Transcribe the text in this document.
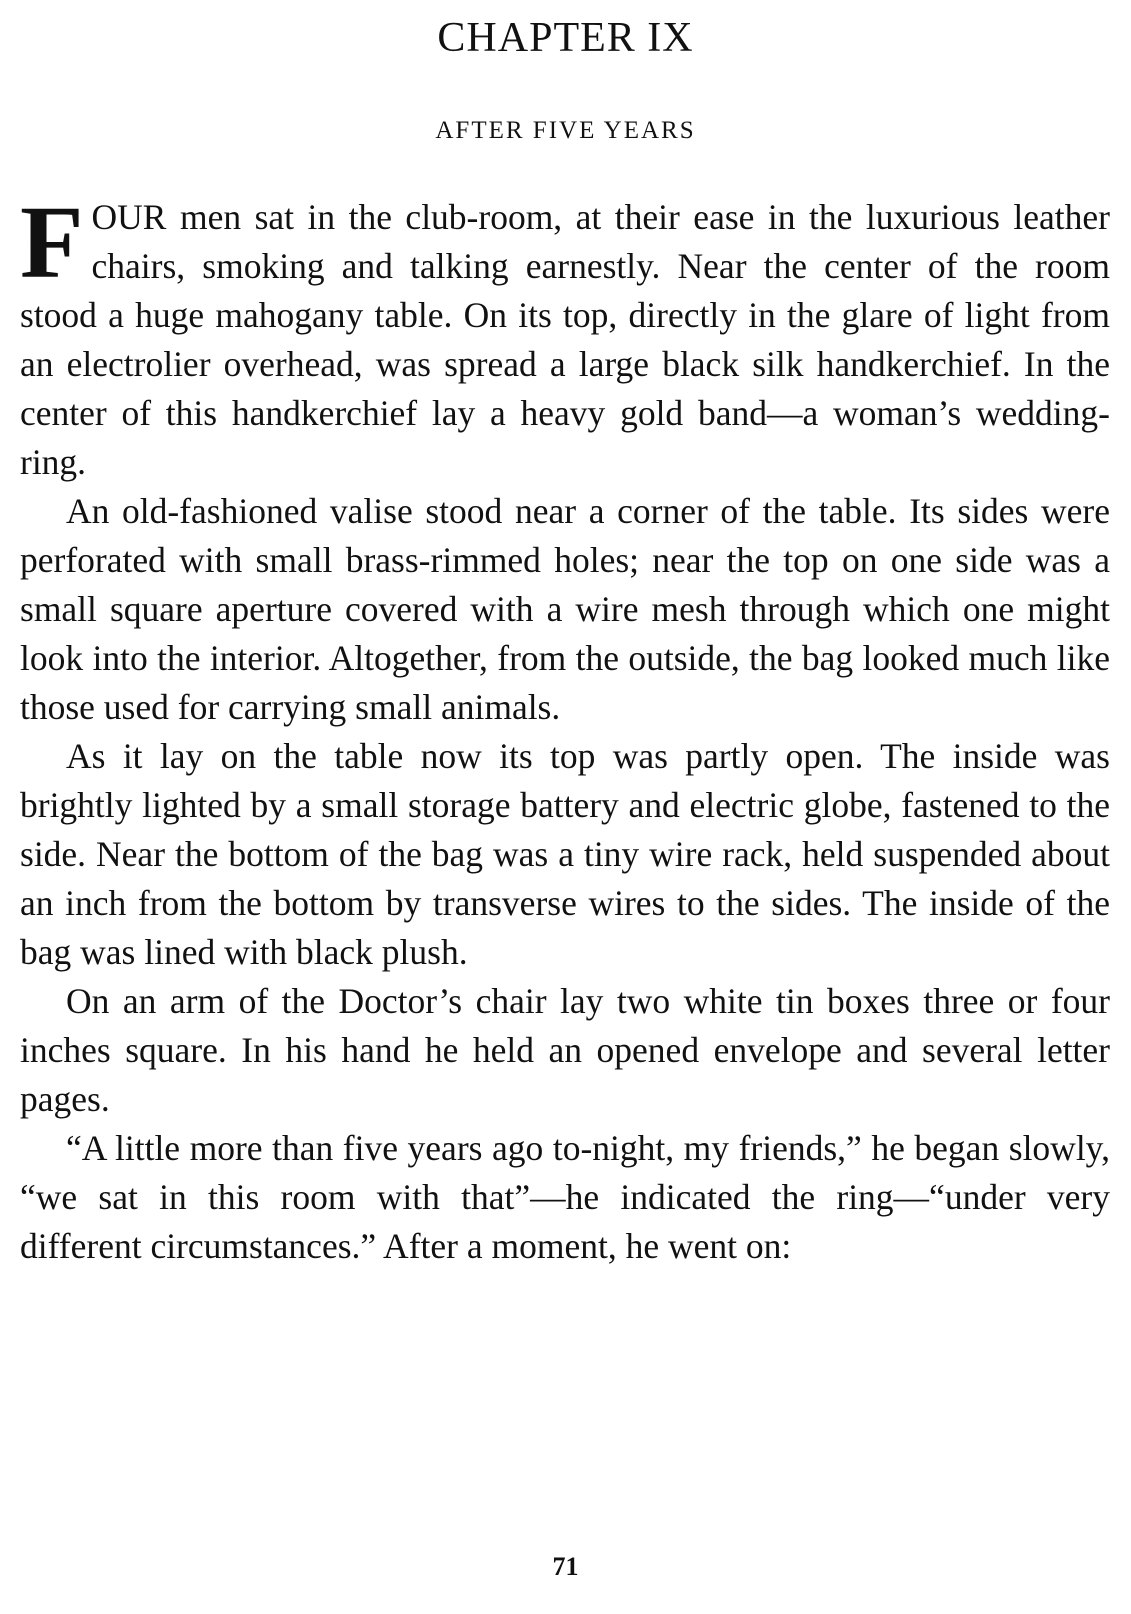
CHAPTER IX
AFTER FIVE YEARS

FOUR men sat in the club-room, at their ease in the luxurious leather chairs, smoking and talking earnestly. Near the center of the room stood a huge mahogany table. On its top, directly in the glare of light from an electrolier overhead, was spread a large black silk handkerchief. In the center of this handkerchief lay a heavy gold band—a woman’s wedding-ring.

An old-fashioned valise stood near a corner of the table. Its sides were perforated with small brass-rimmed holes; near the top on one side was a small square aperture covered with a wire mesh through which one might look into the interior. Altogether, from the outside, the bag looked much like those used for carrying small animals.

As it lay on the table now its top was partly open. The inside was brightly lighted by a small storage battery and electric globe, fastened to the side. Near the bottom of the bag was a tiny wire rack, held suspended about an inch from the bottom by transverse wires to the sides. The inside of the bag was lined with black plush.

On an arm of the Doctor’s chair lay two white tin boxes three or four inches square. In his hand he held an opened envelope and several letter pages.

“A little more than five years ago to-night, my friends,” he began slowly, “we sat in this room with that”—he indicated the ring—“under very different circumstances.” After a moment, he went on:

71
